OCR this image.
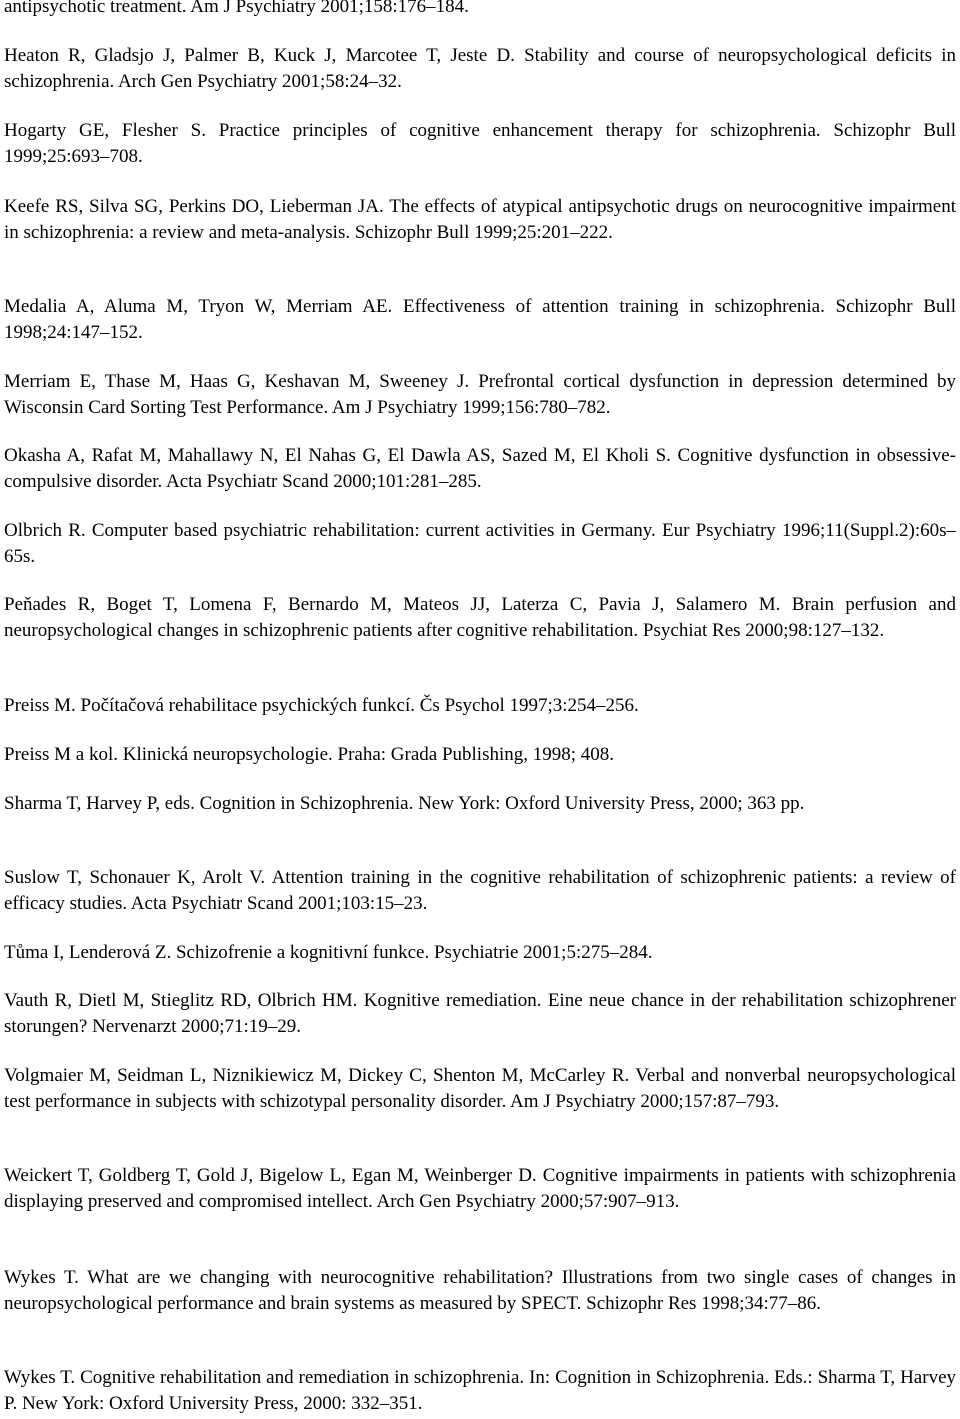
antipsychotic treatment. Am J Psychiatry 2001;158:176–184.

Heaton R, Gladsjo J, Palmer B, Kuck J, Marcotee T, Jeste D. Stability and course of neuropsychological deficits in schizophrenia. Arch Gen Psychiatry 2001;58:24–32.

Hogarty GE, Flesher S. Practice principles of cognitive enhancement therapy for schizophrenia. Schizophr Bull 1999;25:693–708.

Keefe RS, Silva SG, Perkins DO, Lieberman JA. The effects of atypical antipsychotic drugs on neurocognitive impairment in schizophrenia: a review and meta-analysis. Schizophr Bull 1999;25:201–222.

Medalia A, Aluma M, Tryon W, Merriam AE. Effectiveness of attention training in schizophrenia. Schizophr Bull 1998;24:147–152.

Merriam E, Thase M, Haas G, Keshavan M, Sweeney J. Prefrontal cortical dysfunction in depression determined by Wisconsin Card Sorting Test Performance. Am J Psychiatry 1999;156:780–782.

Okasha A, Rafat M, Mahallawy N, El Nahas G, El Dawla AS, Sazed M, El Kholi S. Cognitive dysfunction in obsessive-compulsive disorder. Acta Psychiatr Scand 2000;101:281–285.

Olbrich R. Computer based psychiatric rehabilitation: current activities in Germany. Eur Psychiatry 1996;11(Suppl.2):60s–65s.

Peňades R, Boget T, Lomena F, Bernardo M, Mateos JJ, Laterza C, Pavia J, Salamero M. Brain perfusion and neuropsychological changes in schizophrenic patients after cognitive rehabilitation. Psychiat Res 2000;98:127–132.

Preiss M. Počítačová rehabilitace psychických funkcí. Čs Psychol 1997;3:254–256.

Preiss M a kol. Klinická neuropsychologie. Praha: Grada Publishing, 1998; 408.

Sharma T, Harvey P, eds. Cognition in Schizophrenia. New York: Oxford University Press, 2000; 363 pp.

Suslow T, Schonauer K, Arolt V. Attention training in the cognitive rehabilitation of schizophrenic patients: a review of efficacy studies. Acta Psychiatr Scand 2001;103:15–23.

Tůma I, Lenderová Z. Schizofrenie a kognitivní funkce. Psychiatrie 2001;5:275–284.

Vauth R, Dietl M, Stieglitz RD, Olbrich HM. Kognitive remediation. Eine neue chance in der rehabilitation schizophrener storungen? Nervenarzt 2000;71:19–29.

Volgmaier M, Seidman L, Niznikiewicz M, Dickey C, Shenton M, McCarley R. Verbal and nonverbal neuropsychological test performance in subjects with schizotypal personality disorder. Am J Psychiatry 2000;157:87–793.

Weickert T, Goldberg T, Gold J, Bigelow L, Egan M, Weinberger D. Cognitive impairments in patients with schizophrenia displaying preserved and compromised intellect. Arch Gen Psychiatry 2000;57:907–913.

Wykes T. What are we changing with neurocognitive rehabilitation? Illustrations from two single cases of changes in neuropsychological performance and brain systems as measured by SPECT. Schizophr Res 1998;34:77–86.

Wykes T. Cognitive rehabilitation and remediation in schizophrenia. In: Cognition in Schizophrenia. Eds.: Sharma T, Harvey P. New York: Oxford University Press, 2000: 332–351.
